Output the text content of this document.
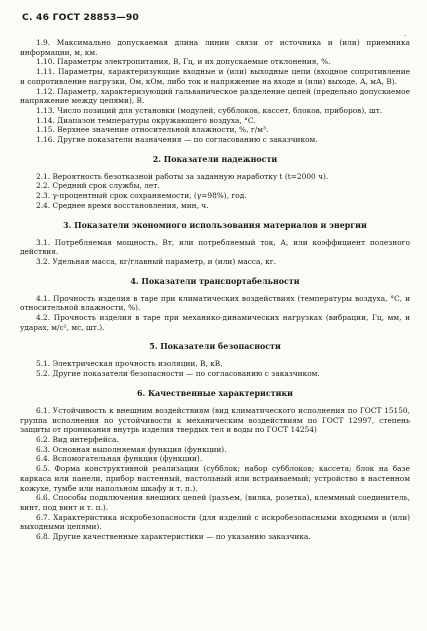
С. 46 ГОСТ 28853—90
·

1.9. Максимально допускаемая длина линии связи от источника и (или) приемника информации, м, км.

1.10. Параметры электропитания, В, Гц, и их допускаемые отклонения, %.

1.11. Параметры, характеризующие входные и (или) выходные цепи (входное сопротивление и сопротивление нагрузки, Ом, кОм, либо ток и напряжение на входе и (или) выходе, А, мА, В).

1.12. Параметр, характеризующий гальваническое разделение цепей (предельно допускаемое напряжение между цепями), В.

1.13. Число позиций для установки (модулей, субблоков, кассет, блоков, приборов), шт.

1.14. Диапазон температуры окружающего воздуха, °С.

1.15. Верхнее значение относительной влажности, %, г/м³.

1.16. Другие показатели назначения — по согласованию с заказчиком.

2. Показатели надежности

2.1. Вероятность безотказной работы за заданную наработку t (t=2000 ч).

2.2. Средний срок службы, лет.

2.3. γ-процентный срок сохраняемости, (γ=98%), год.

2.4. Среднее время восстановления, мин, ч.

3. Показатели экономного использования материалов и энергии

3.1. Потребляемая мощность, Вт, или потребляемый ток, А, или коэффициент полезного действия.

3.2. Удельная масса, кг/главный параметр, и (или) масса, кг.

4. Показатели транспортабельности

4.1. Прочность изделия в таре при климатических воздействиях (температуры воздуха, °С, и относительной влажности, %).

4.2. Прочность изделия в таре при механико-динамических нагрузках (вибрации, Гц, мм, и ударах, м/с², мс, шт.).

5. Показатели безопасности

5.1. Электрическая прочность изоляции, В, кВ.

5.2. Другие показатели безопасности — по согласованию с заказчиком.

6. Качественные характеристики

6.1. Устойчивость к внешним воздействиям (вид климатического исполнения по ГОСТ 15150, группа исполнения по устойчивости к механическим воздействиям по ГОСТ 12997, степень защиты от проникания внутрь изделия твердых тел и воды по ГОСТ 14254)

6.2. Вид интерфейса.

6.3. Основная выполняемая функция (функции).

6.4. Вспомогательная функция (функции).

6.5. Форма конструктивной реализации (субблок; набор субблоков; кассета; блок на базе каркаса или панели, прибор настенный, настольный или встраиваемый; устройство в настенном кожухе, тумбе или напольном шкафу и т. п.).

6.6. Способы подключения внешних цепей (разъем, (вилка, розетка), клеммный соединитель, винт, под винт и т. п.).

6.7. Характеристика искробезопасности (для изделий с искробезопасными входными и (или) выходными цепями).

6.8. Другие качественные характеристики — по указанию заказчика.
